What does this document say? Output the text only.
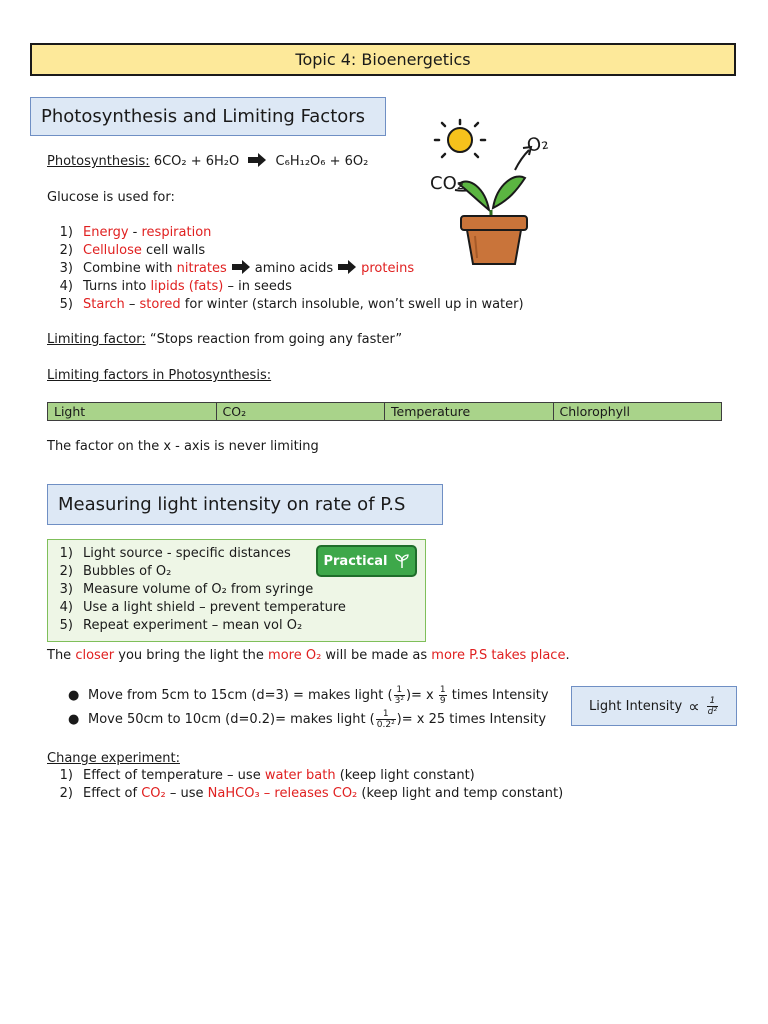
Topic 4: Bioenergetics
Photosynthesis and Limiting Factors
O₂
CO₂
Photosynthesis: 6CO₂ + 6H₂O	C₆H₁₂O₆ + 6O₂
Glucose is used for:
1) Energy - respiration
2) Cellulose cell walls
3) Combine with nitrates amino acids proteins
4) Turns into lipids (fats) – in seeds
5) Starch – stored for winter (starch insoluble, won’t swell up in water)
Limiting factor: “Stops reaction from going any faster”
Limiting factors in Photosynthesis:
Light	CO₂	Temperature	Chlorophyll
The factor on the x - axis is never limiting
Measuring light intensity on rate of P.S
1) Light source - specific distances
2) Bubbles of O₂
3) Measure volume of O₂ from syringe
4) Use a light shield – prevent temperature
5) Repeat experiment – mean vol O₂
Practical
The closer you bring the light the more O₂ will be made as more P.S takes place.
● Move from 5cm to 15cm (d=3) = makes light ( $\frac{1}{\text{3²}}$ )= x $\frac{1}{9}$ times Intensity
● Move 50cm to 10cm (d=0.2)= makes light ( $\frac{1}{\text{0.2²}}$ )= x 25 times Intensity
Light Intensity ∝ $\frac{1}{\text{d²}}$
Change experiment:
1) Effect of temperature – use water bath (keep light constant)
2) Effect of CO₂ – use NaHCO₃ – releases CO₂ (keep light and temp constant)
